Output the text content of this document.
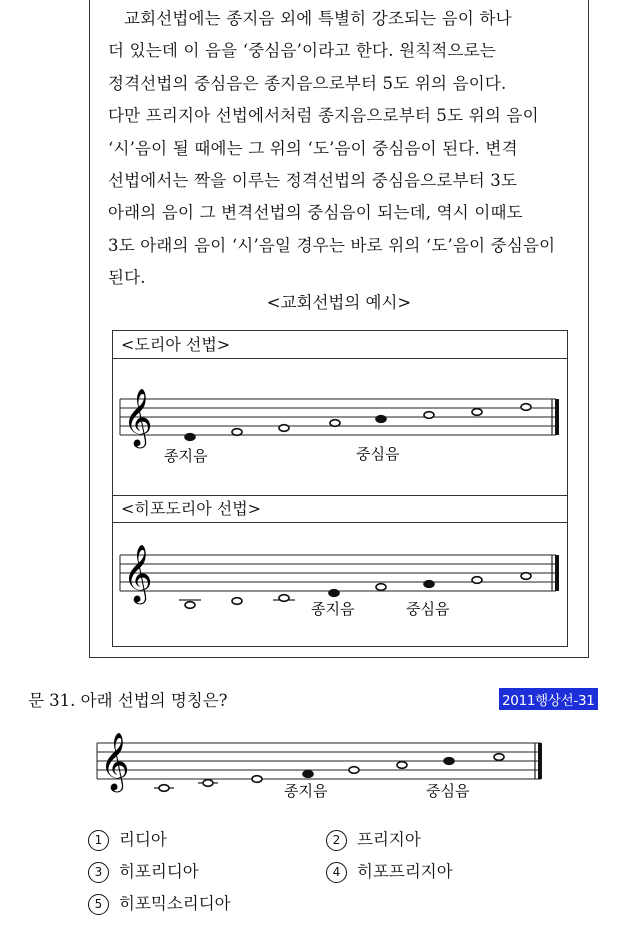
교회선법에는 종지음 외에 특별히 강조되는 음이 하나

더 있는데 이 음을 ‘중심음’이라고 한다. 원칙적으로는

정격선법의 중심음은 종지음으로부터 5도 위의 음이다.

다만 프리지아 선법에서처럼 종지음으로부터 5도 위의 음이

‘시’음이 될 때에는 그 위의 ‘도’음이 중심음이 된다. 변격

선법에서는 짝을 이루는 정격선법의 중심음으로부터 3도

아래의 음이 그 변격선법의 중심음이 되는데, 역시 이때도

3도 아래의 음이 ‘시’음일 경우는 바로 위의 ‘도’음이 중심음이

된다.

<교회선법의 예시>
<도리아 선법>
<히포도리아 선법>
𝄞
종지음	중심음
𝄞
종지음	중심음
문 31. 아래 선법의 명칭은?	2011행상선-31
𝄞
종지음	중심음
1 리디아	2 프리지아
3 히포리디아	4 히포프리지아
5 히포믹소리디아
